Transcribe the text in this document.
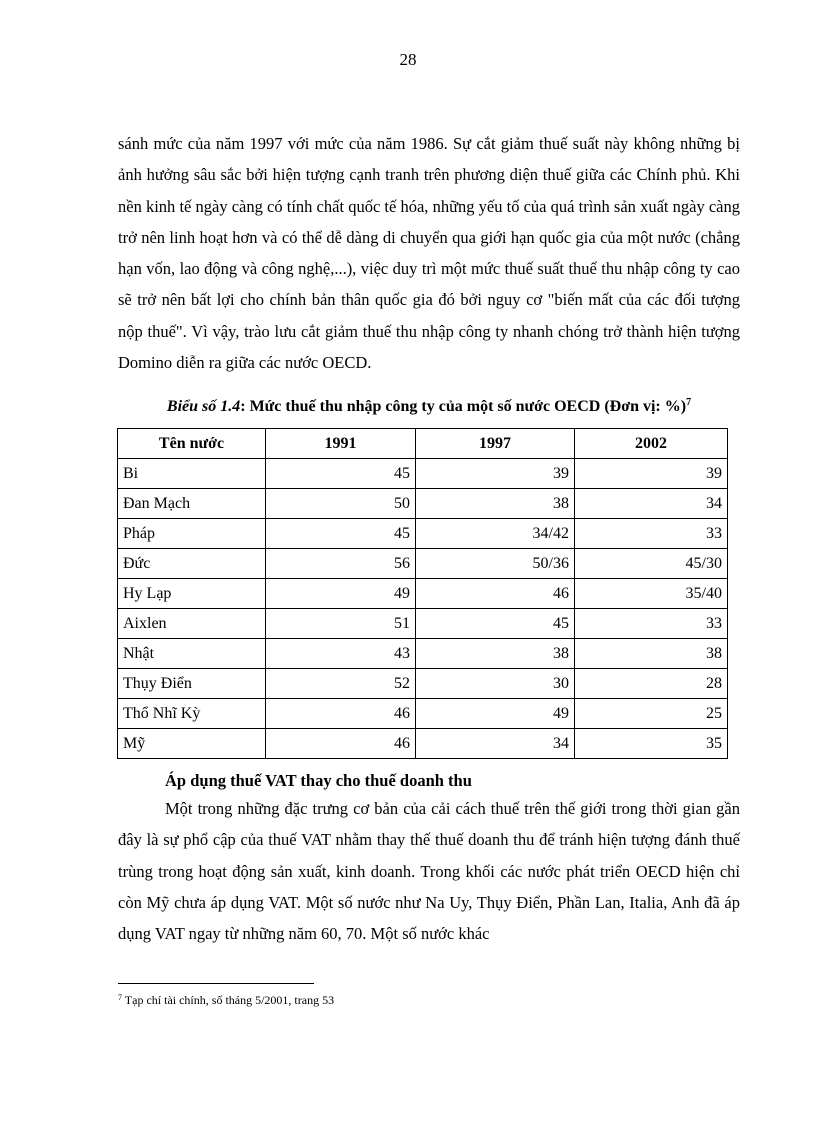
28
sánh mức của năm 1997 với mức của năm 1986. Sự cắt giảm thuế suất này không những bị ảnh hưởng sâu sắc bởi hiện tượng cạnh tranh trên phương diện thuế giữa các Chính phủ. Khi nền kinh tế ngày càng có tính chất quốc tế hóa, những yếu tố của quá trình sản xuất ngày càng trở nên linh hoạt hơn và có thể dễ dàng di chuyển qua giới hạn quốc gia của một nước (chẳng hạn vốn, lao động và công nghệ,...), việc duy trì một mức thuế suất thuế thu nhập công ty cao sẽ trở nên bất lợi cho chính bản thân quốc gia đó bởi nguy cơ "biến mất của các đối tượng nộp thuế". Vì vậy, trào lưu cắt giảm thuế thu nhập công ty nhanh chóng trở thành hiện tượng Domino diễn ra giữa các nước OECD.
Biểu số 1.4: Mức thuế thu nhập công ty của một số nước OECD (Đơn vị: %)$^7$
Tên nước	1991	1997	2002
Bi	45	39	39
Đan Mạch	50	38	34
Pháp	45	34/42	33
Đức	56	50/36	45/30
Hy Lạp	49	46	35/40
Aixlen	51	45	33
Nhật	43	38	38
Thụy Điển	52	30	28
Thổ Nhĩ Kỳ	46	49	25
Mỹ	46	34	35
Áp dụng thuế VAT thay cho thuế doanh thu
Một trong những đặc trưng cơ bản của cải cách thuế trên thế giới trong thời gian gần đây là sự phổ cập của thuế VAT nhằm thay thế thuế doanh thu để tránh hiện tượng đánh thuế trùng trong hoạt động sản xuất, kinh doanh. Trong khối các nước phát triển OECD hiện chỉ còn Mỹ chưa áp dụng VAT. Một số nước như Na Uy, Thụy Điển, Phần Lan, Italia, Anh đã áp dụng VAT ngay từ những năm 60, 70. Một số nước khác
$^7$ Tạp chí tài chính, số tháng 5/2001, trang 53
